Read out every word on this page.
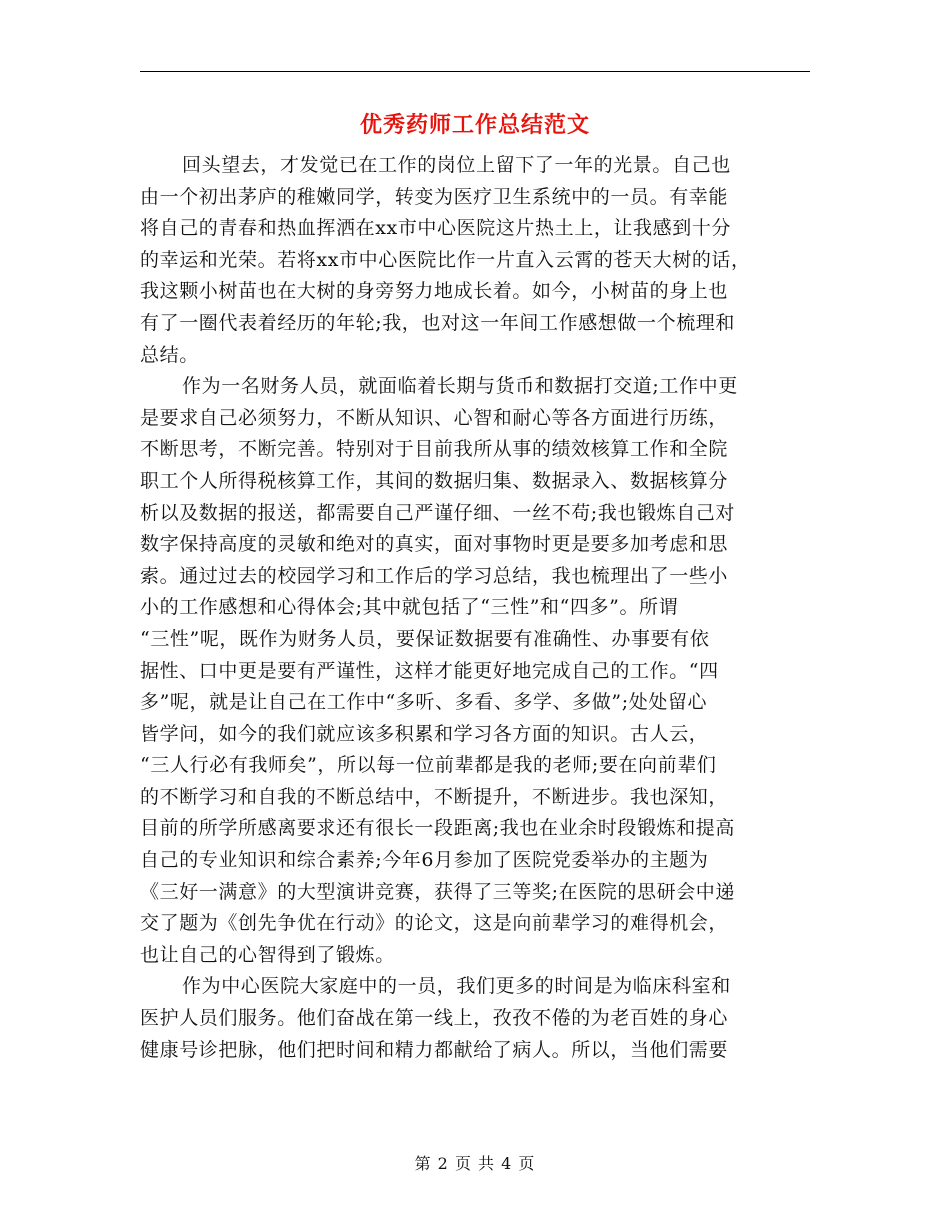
优秀药师工作总结范文
回头望去，才发觉已在工作的岗位上留下了一年的光景。自己也
由一个初出茅庐的稚嫩同学，转变为医疗卫生系统中的一员。有幸能
将自己的青春和热血挥洒在xx市中心医院这片热土上，让我感到十分
的幸运和光荣。若将xx市中心医院比作一片直入云霄的苍天大树的话，
我这颗小树苗也在大树的身旁努力地成长着。如今，小树苗的身上也
有了一圈代表着经历的年轮;我，也对这一年间工作感想做一个梳理和
总结。
作为一名财务人员，就面临着长期与货币和数据打交道;工作中更
是要求自己必须努力，不断从知识、心智和耐心等各方面进行历练，
不断思考，不断完善。特别对于目前我所从事的绩效核算工作和全院
职工个人所得税核算工作，其间的数据归集、数据录入、数据核算分
析以及数据的报送，都需要自己严谨仔细、一丝不苟;我也锻炼自己对
数字保持高度的灵敏和绝对的真实，面对事物时更是要多加考虑和思
索。通过过去的校园学习和工作后的学习总结，我也梳理出了一些小
小的工作感想和心得体会;其中就包括了“三性”和“四多”。所谓
“三性”呢，既作为财务人员，要保证数据要有准确性、办事要有依
据性、口中更是要有严谨性，这样才能更好地完成自己的工作。“四
多”呢，就是让自己在工作中“多听、多看、多学、多做”;处处留心
皆学问，如今的我们就应该多积累和学习各方面的知识。古人云，
“三人行必有我师矣”，所以每一位前辈都是我的老师;要在向前辈们
的不断学习和自我的不断总结中，不断提升，不断进步。我也深知，
目前的所学所感离要求还有很长一段距离;我也在业余时段锻炼和提高
自己的专业知识和综合素养;今年6月参加了医院党委举办的主题为
《三好一满意》的大型演讲竞赛，获得了三等奖;在医院的思研会中递
交了题为《创先争优在行动》的论文，这是向前辈学习的难得机会，
也让自己的心智得到了锻炼。
作为中心医院大家庭中的一员，我们更多的时间是为临床科室和
医护人员们服务。他们奋战在第一线上，孜孜不倦的为老百姓的身心
健康号诊把脉，他们把时间和精力都献给了病人。所以，当他们需要
第 2 页 共 4 页
